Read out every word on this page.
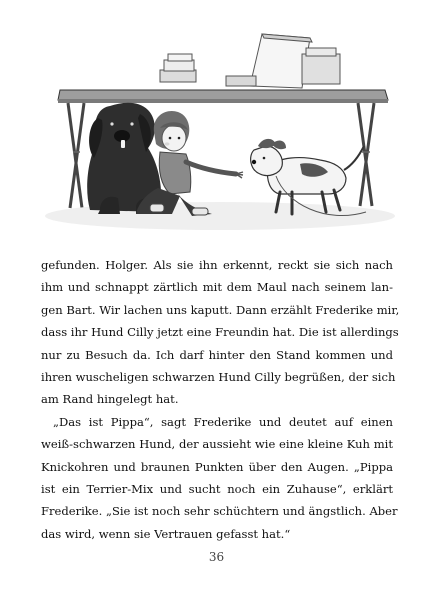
gefunden. Holger. Als sie ihn erkennt, reckt sie sich nach
ihm und schnappt zärtlich mit dem Maul nach seinem lan-
gen Bart. Wir lachen uns kaputt. Dann erzählt Frederike mir,
dass ihr Hund Cilly jetzt eine Freundin hat. Die ist allerdings
nur zu Besuch da. Ich darf hinter den Stand kommen und
ihren wuscheligen schwarzen Hund Cilly begrüßen, der sich
am Rand hingelegt hat.
„Das ist Pippa“, sagt Frederike und deutet auf einen
weiß-schwarzen Hund, der aussieht wie eine kleine Kuh mit
Knickohren und braunen Punkten über den Augen. „Pippa
ist ein Terrier-Mix und sucht noch ein Zuhause“, erklärt
Frederike. „Sie ist noch sehr schüchtern und ängstlich. Aber
das wird, wenn sie Vertrauen gefasst hat.“
36
